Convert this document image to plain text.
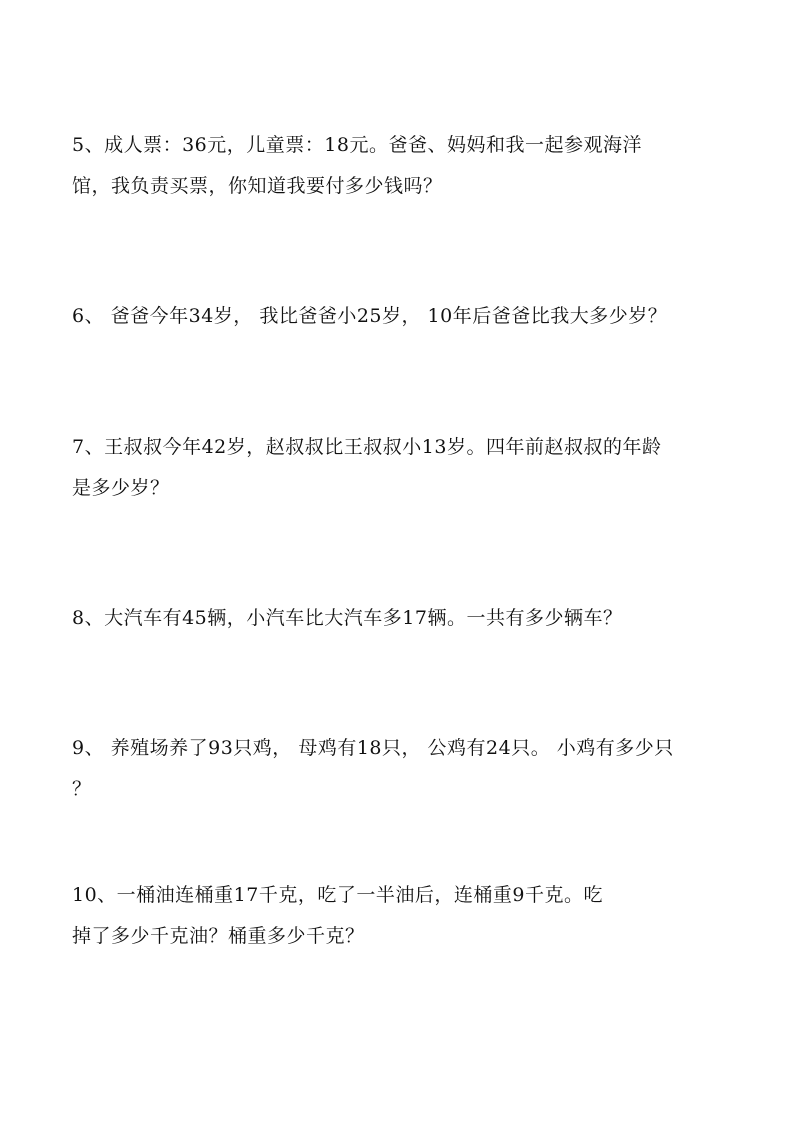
5、成人票：36元，儿童票：18元。爸爸、妈妈和我一起参观海洋
馆，我负责买票，你知道我要付多少钱吗？
6、 爸爸今年34岁， 我比爸爸小25岁， 10年后爸爸比我大多少岁？
7、王叔叔今年42岁，赵叔叔比王叔叔小13岁。四年前赵叔叔的年龄
是多少岁？
8、大汽车有45辆，小汽车比大汽车多17辆。一共有多少辆车？
9、 养殖场养了93只鸡， 母鸡有18只， 公鸡有24只。 小鸡有多少只
？
10、一桶油连桶重17千克，吃了一半油后，连桶重9千克。吃
掉了多少千克油？桶重多少千克？
